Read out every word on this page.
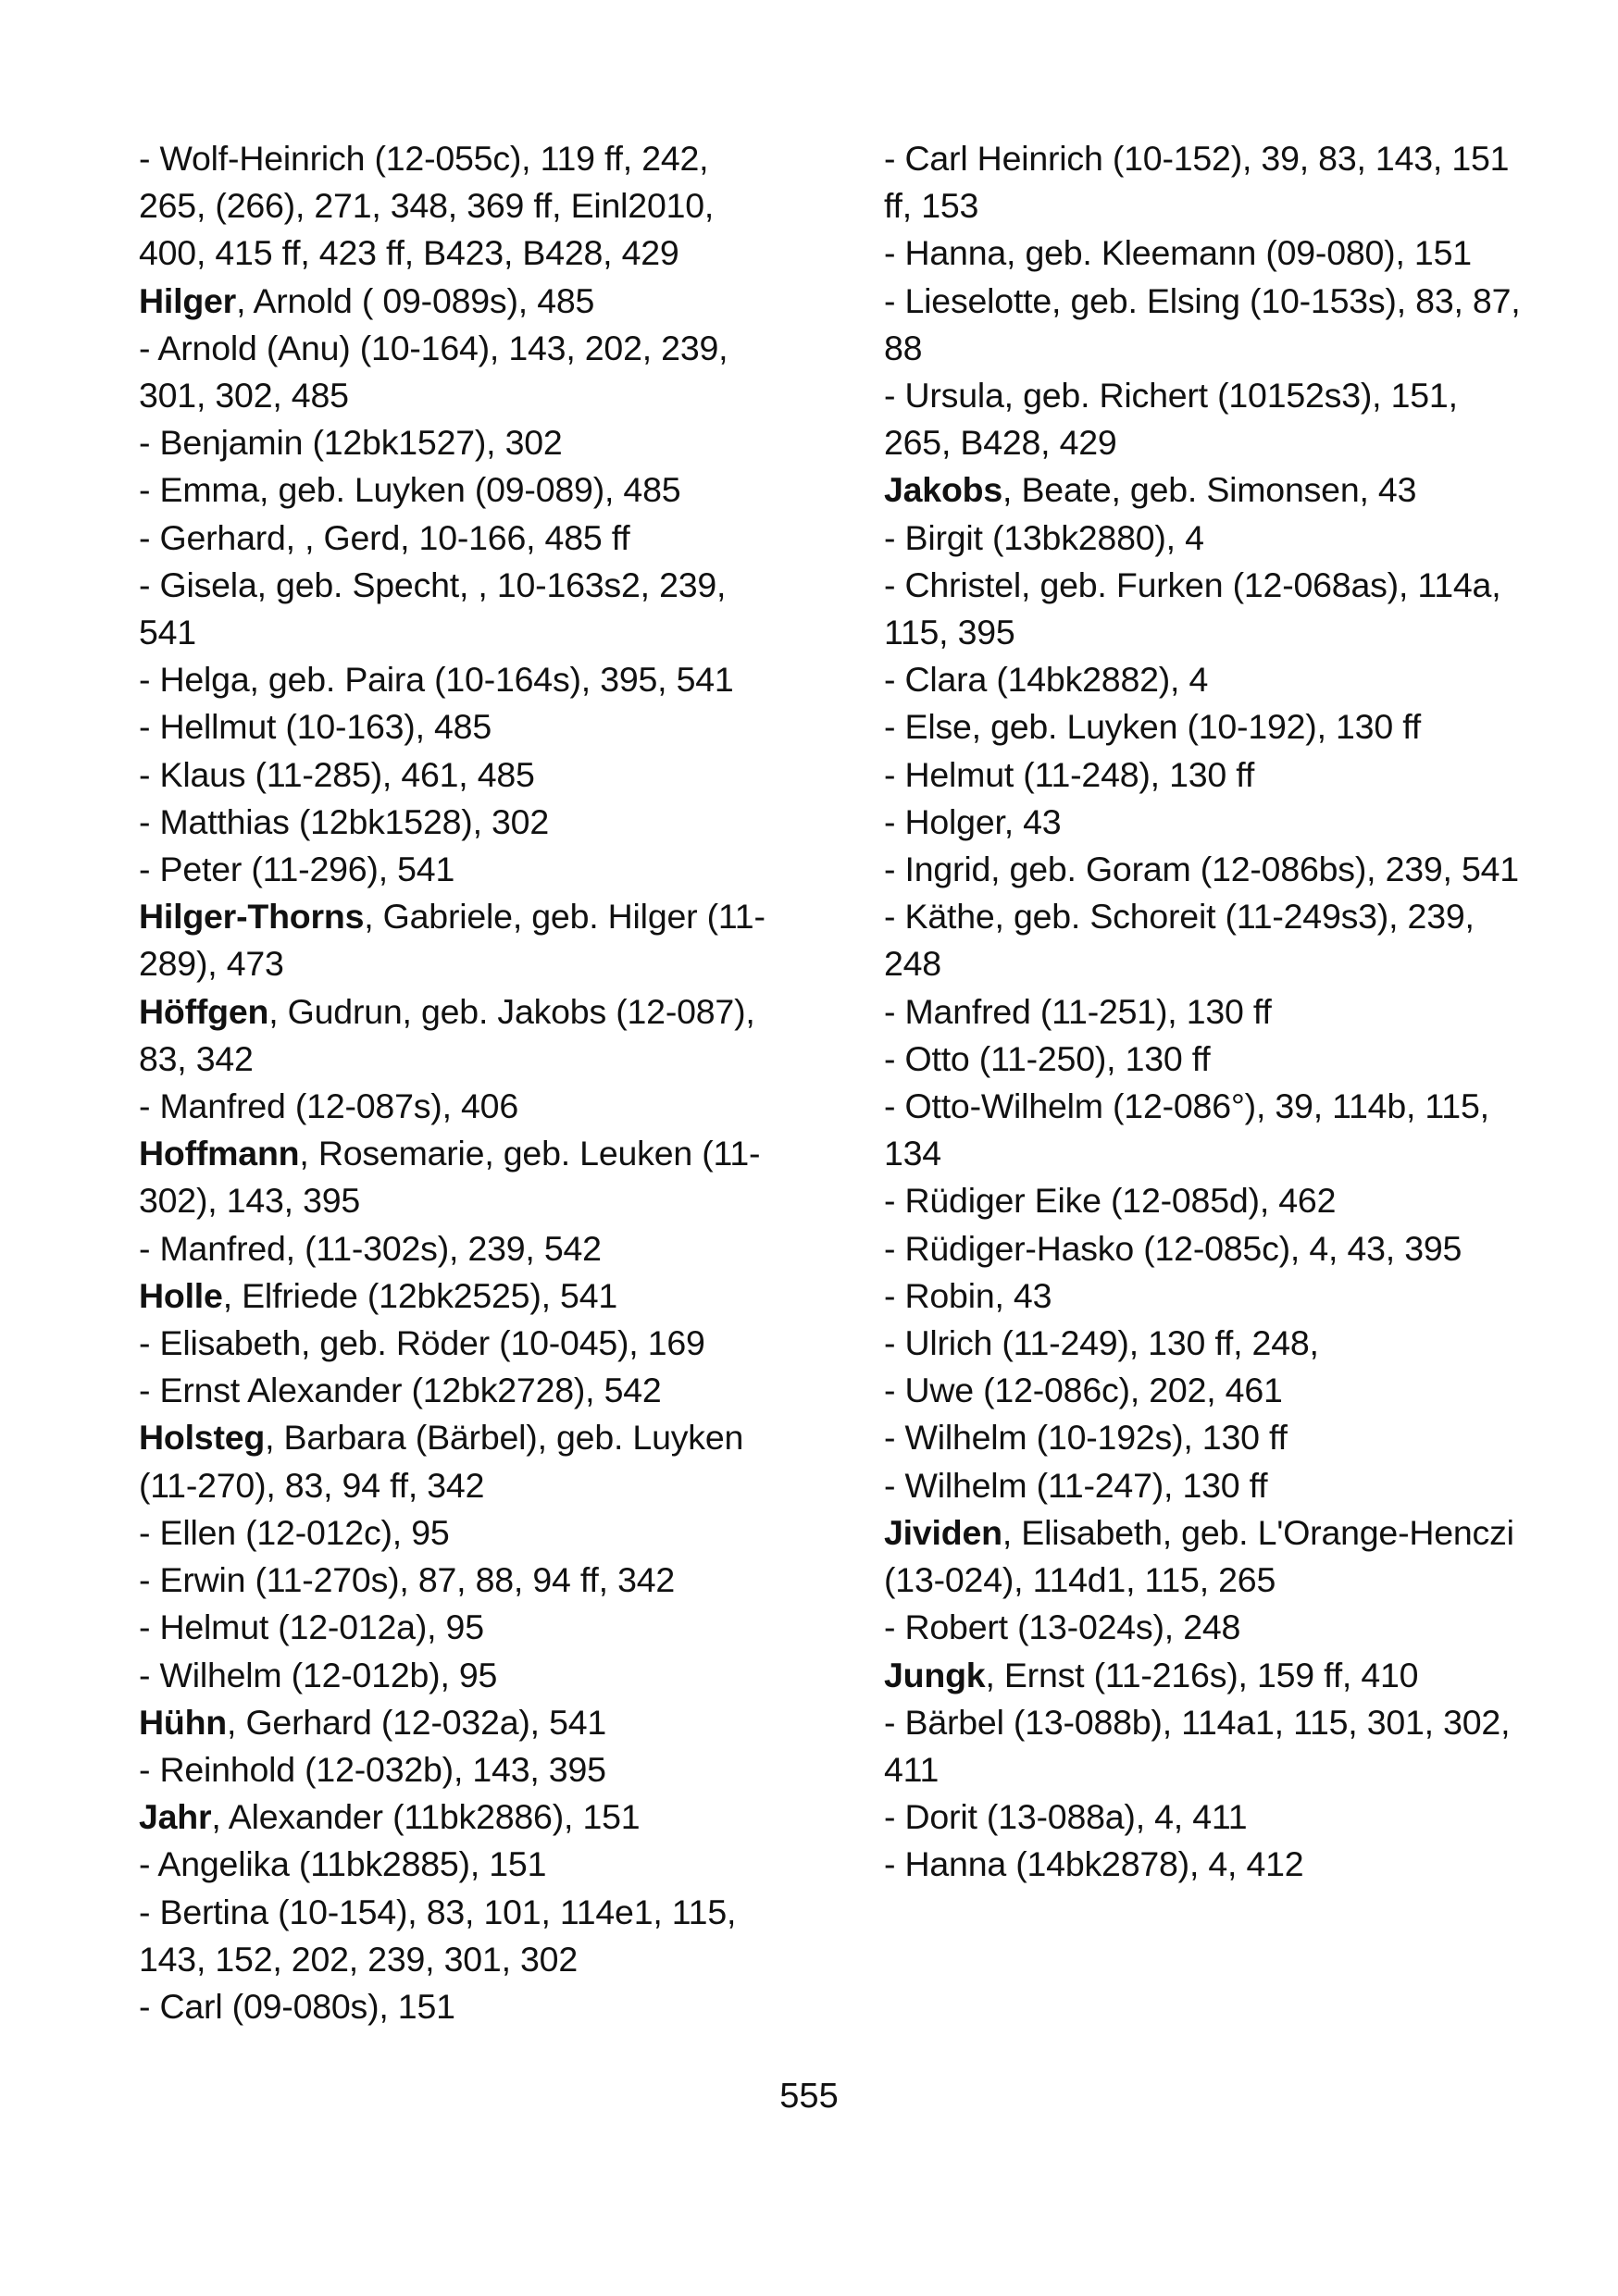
- Wolf-Heinrich (12-055c), 119 ff, 242, 265, (266), 271, 348, 369 ff, Einl2010, 400, 415 ff, 423 ff, B423, B428, 429

Hilger, Arnold ( 09-089s), 485

- Arnold (Anu) (10-164), 143, 202, 239, 301, 302, 485

- Benjamin (12bk1527), 302

- Emma, geb. Luyken (09-089), 485

- Gerhard, , Gerd, 10-166, 485 ff

- Gisela, geb. Specht, , 10-163s2, 239, 541

- Helga, geb. Paira (10-164s), 395, 541

- Hellmut (10-163), 485

- Klaus (11-285), 461, 485

- Matthias (12bk1528), 302

- Peter (11-296), 541

Hilger-Thorns, Gabriele, geb. Hilger (11-289), 473

Höffgen, Gudrun, geb. Jakobs (12-087), 83, 342

- Manfred (12-087s), 406

Hoffmann, Rosemarie, geb. Leuken (11-302), 143, 395

- Manfred, (11-302s), 239, 542

Holle, Elfriede (12bk2525), 541

- Elisabeth, geb. Röder (10-045), 169

- Ernst Alexander (12bk2728), 542

Holsteg, Barbara (Bärbel), geb. Luyken (11-270), 83, 94 ff, 342

- Ellen (12-012c), 95

- Erwin (11-270s), 87, 88, 94 ff, 342

- Helmut (12-012a), 95

- Wilhelm (12-012b), 95

Hühn, Gerhard (12-032a), 541

- Reinhold (12-032b), 143, 395

Jahr, Alexander (11bk2886), 151

- Angelika (11bk2885), 151

- Bertina (10-154), 83, 101, 114e1, 115, 143, 152, 202, 239, 301, 302

- Carl (09-080s), 151

- Carl Heinrich (10-152), 39, 83, 143, 151 ff, 153

- Hanna, geb. Kleemann (09-080), 151

- Lieselotte, geb. Elsing (10-153s), 83, 87, 88

- Ursula, geb. Richert (10152s3), 151, 265, B428, 429

Jakobs, Beate, geb. Simonsen, 43

- Birgit (13bk2880), 4

- Christel, geb. Furken (12-068as), 114a, 115, 395

- Clara (14bk2882), 4

- Else, geb. Luyken (10-192), 130 ff

- Helmut (11-248), 130 ff

- Holger, 43

- Ingrid, geb. Goram (12-086bs), 239, 541

- Käthe, geb. Schoreit (11-249s3), 239, 248

- Manfred (11-251), 130 ff

- Otto (11-250), 130 ff

- Otto-Wilhelm (12-086°), 39, 114b, 115, 134

- Rüdiger Eike (12-085d), 462

- Rüdiger-Hasko (12-085c), 4, 43, 395

- Robin, 43

- Ulrich (11-249), 130 ff, 248,

- Uwe (12-086c), 202, 461

- Wilhelm (10-192s), 130 ff

- Wilhelm (11-247), 130 ff

Jividen, Elisabeth, geb. L'Orange-Henczi (13-024), 114d1, 115, 265

- Robert (13-024s), 248

Jungk, Ernst (11-216s), 159 ff, 410

- Bärbel (13-088b), 114a1, 115, 301, 302, 411

- Dorit (13-088a), 4, 411

- Hanna (14bk2878), 4, 412

555
